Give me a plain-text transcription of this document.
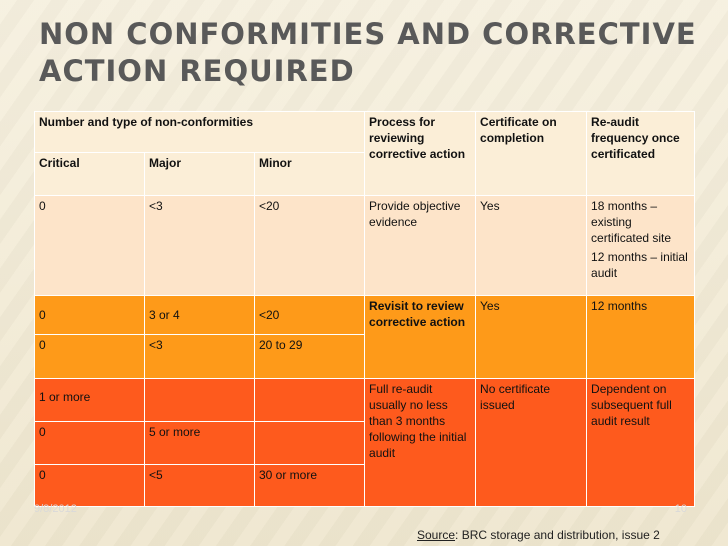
NON CONFORMITIES AND CORRECTIVE
ACTION REQUIRED
Number and type of non-conformities			Process for reviewing corrective action	Certificate on completion	Re-audit frequency once certificated
Critical	Major	Minor			
0	<3	<20	Provide objective evidence	Yes	18 months – existing certificated site
12 months – initial audit

0	3 or 4	<20	Revisit to review corrective action	Yes	12 months
0	<3	20 to 29			
1 or more			Full re-audit usually no less than 3 months following the initial audit	No certificate issued	Dependent on subsequent full audit result
0	5 or more				
0	<5	30 or more			
9/8/2012	10
Source: BRC storage and distribution, issue 2
